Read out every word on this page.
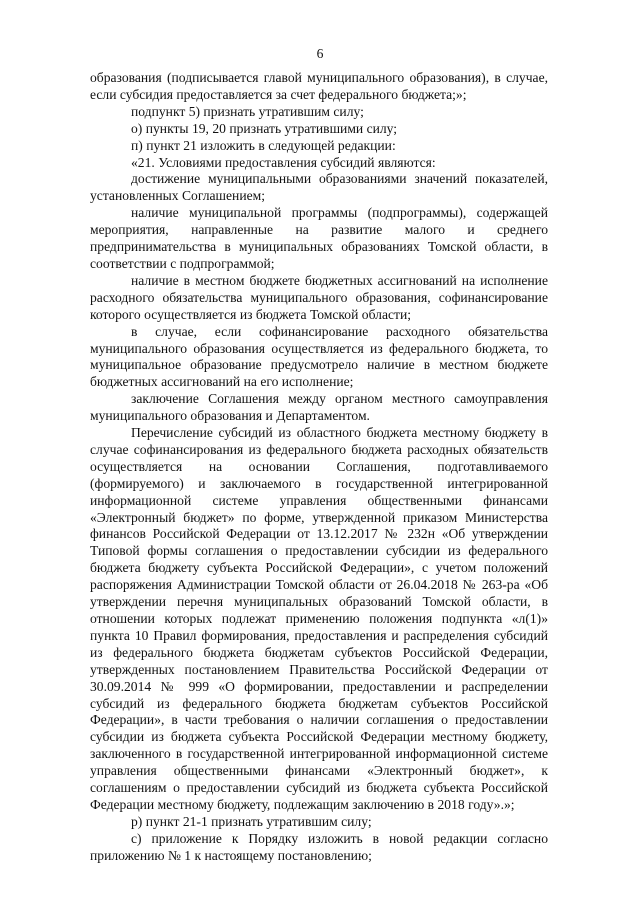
6

образования (подписывается главой муниципального образования), в случае, если субсидия предоставляется за счет федерального бюджета;»;

подпункт 5) признать утратившим силу;

о) пункты 19, 20 признать утратившими силу;

п) пункт 21 изложить в следующей редакции:

«21. Условиями предоставления субсидий являются:

достижение муниципальными образованиями значений показателей, установленных Соглашением;

наличие муниципальной программы (подпрограммы), содержащей мероприятия, направленные на развитие малого и среднего предпринимательства в муниципальных образованиях Томской области, в соответствии с подпрограммой;

наличие в местном бюджете бюджетных ассигнований на исполнение расходного обязательства муниципального образования, софинансирование которого осуществляется из бюджета Томской области;

в случае, если софинансирование расходного обязательства муниципального образования осуществляется из федерального бюджета, то муниципальное образование предусмотрело наличие в местном бюджете бюджетных ассигнований на его исполнение;

заключение Соглашения между органом местного самоуправления муниципального образования и Департаментом.

Перечисление субсидий из областного бюджета местному бюджету в случае софинансирования из федерального бюджета расходных обязательств осуществляется на основании Соглашения, подготавливаемого (формируемого) и заключаемого в государственной интегрированной информационной системе управления общественными финансами «Электронный бюджет» по форме, утвержденной приказом Министерства финансов Российской Федерации от 13.12.2017 № 232н «Об утверждении Типовой формы соглашения о предоставлении субсидии из федерального бюджета бюджету субъекта Российской Федерации», с учетом положений распоряжения Администрации Томской области от 26.04.2018 № 263-ра «Об утверждении перечня муниципальных образований Томской области, в отношении которых подлежат применению положения подпункта «л(1)» пункта 10 Правил формирования, предоставления и распределения субсидий из федерального бюджета бюджетам субъектов Российской Федерации, утвержденных постановлением Правительства Российской Федерации от 30.09.2014 № 999 «О формировании, предоставлении и распределении субсидий из федерального бюджета бюджетам субъектов Российской Федерации», в части требования о наличии соглашения о предоставлении субсидии из бюджета субъекта Российской Федерации местному бюджету, заключенного в государственной интегрированной информационной системе управления общественными финансами «Электронный бюджет», к соглашениям о предоставлении субсидий из бюджета субъекта Российской Федерации местному бюджету, подлежащим заключению в 2018 году».»;

р) пункт 21-1 признать утратившим силу;

с) приложение к Порядку изложить в новой редакции согласно приложению № 1 к настоящему постановлению;
